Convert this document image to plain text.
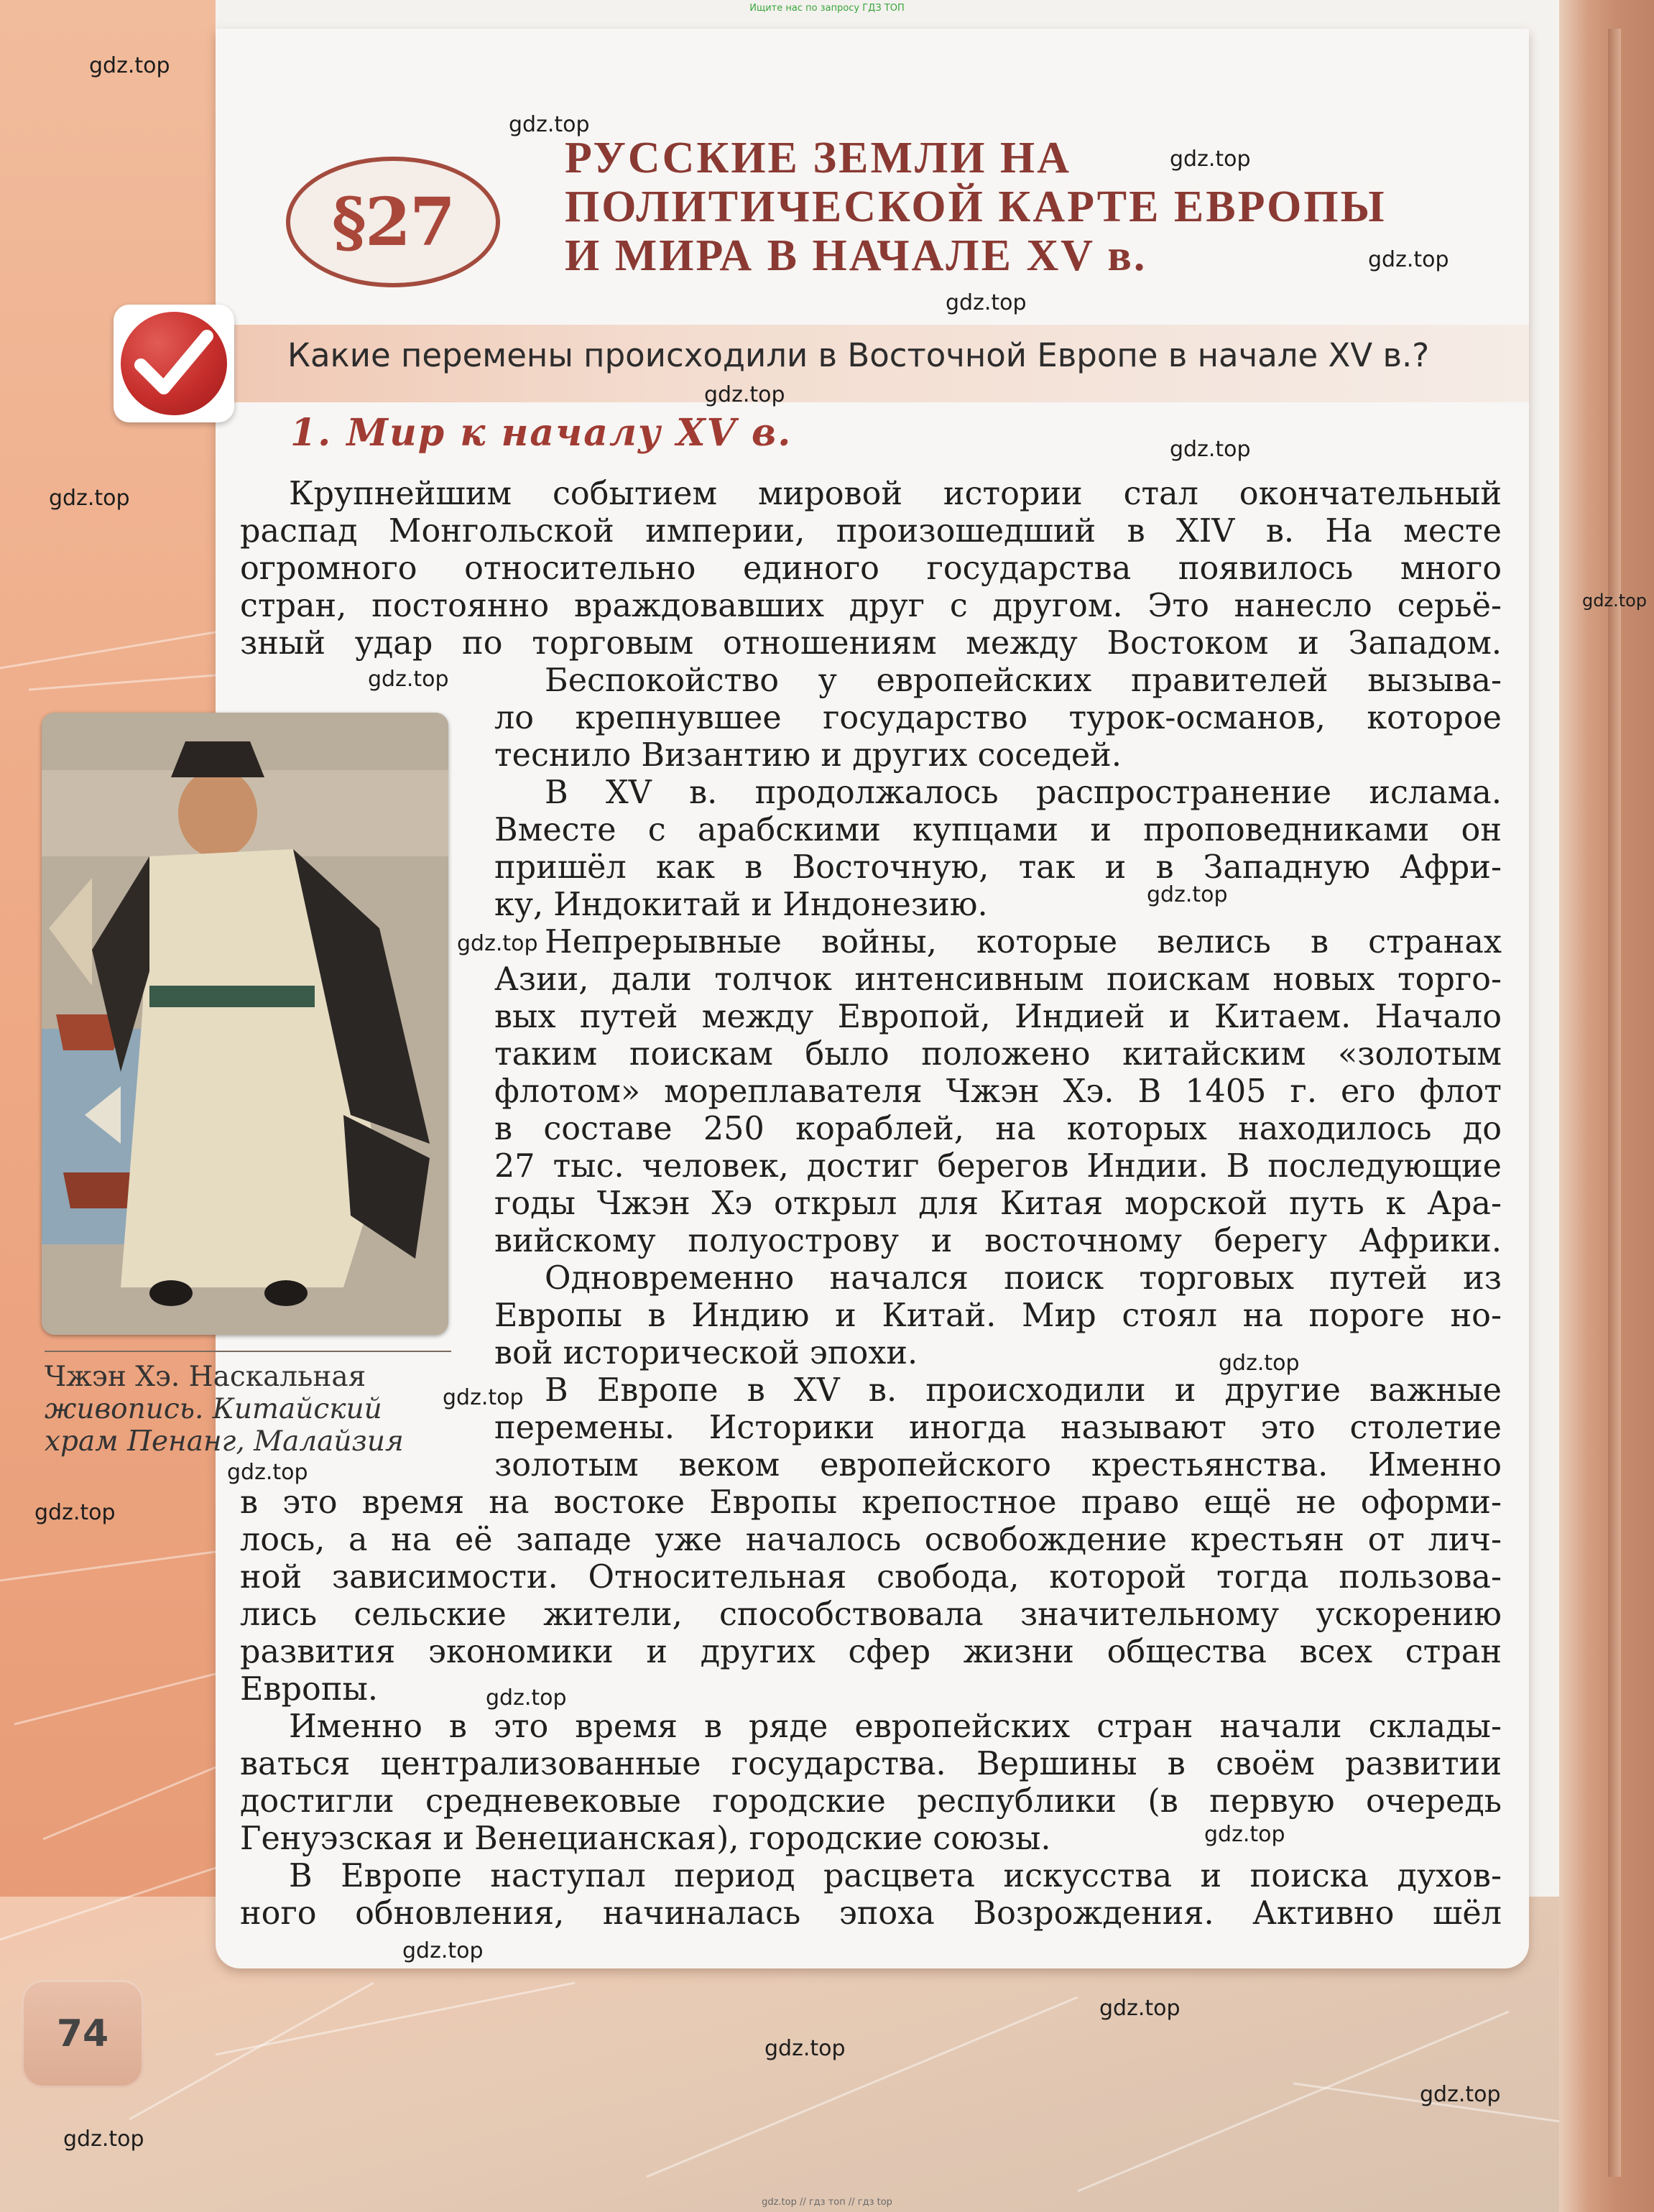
Ищите нас по запросу ГДЗ ТОП
§27
РУССКИЕ ЗЕМЛИ НА
ПОЛИТИЧЕСКОЙ КАРТЕ ЕВРОПЫ
И МИРА В НАЧАЛЕ XV в.
Какие перемены происходили в Восточной Европе в начале XV в.?
1. Мир к началу XV в.
Чжэн Хэ. Наскальная
живопись. Китайский
храм Пенанг, Малайзия
Крупнейшим событием мировой истории стал окончательный
распад Монгольской империи, произошедший в XIV в. На месте
огромного относительно единого государства появилось много
стран, постоянно враждовавших друг с другом. Это нанесло серьё-
зный удар по торговым отношениям между Востоком и Западом.
Беспокойство у европейских правителей вызыва-
ло крепнувшее государство турок-османов, которое
теснило Византию и других соседей.
В XV в. продолжалось распространение ислама.
Вместе с арабскими купцами и проповедниками он
пришёл как в Восточную, так и в Западную Афри-
ку, Индокитай и Индонезию.
Непрерывные войны, которые велись в странах
Азии, дали толчок интенсивным поискам новых торго-
вых путей между Европой, Индией и Китаем. Начало
таким поискам было положено китайским «золотым
флотом» мореплавателя Чжэн Хэ. В 1405 г. его флот
в составе 250 кораблей, на которых находилось до
27 тыс. человек, достиг берегов Индии. В последующие
годы Чжэн Хэ открыл для Китая морской путь к Ара-
вийскому полуострову и восточному берегу Африки.
Одновременно начался поиск торговых путей из
Европы в Индию и Китай. Мир стоял на пороге но-
вой исторической эпохи.
В Европе в XV в. происходили и другие важные
перемены. Историки иногда называют это столетие
золотым веком европейского крестьянства. Именно
в это время на востоке Европы крепостное право ещё не оформи-
лось, а на её западе уже началось освобождение крестьян от лич-
ной зависимости. Относительная свобода, которой тогда пользова-
лись сельские жители, способствовала значительному ускорению
развития экономики и других сфер жизни общества всех стран
Европы.
Именно в это время в ряде европейских стран начали склады-
ваться централизованные государства. Вершины в своём развитии
достигли средневековые городские республики (в первую очередь
Генуэзская и Венецианская), городские союзы.
В Европе наступал период расцвета искусства и поиска духов-
ного обновления, начиналась эпоха Возрождения. Активно шёл
74
gdz.top
gdz.top
gdz.top
gdz.top
gdz.top
gdz.top
gdz.top
gdz.top
gdz.top
gdz.top
gdz.top
gdz.top
gdz.top
gdz.top
gdz.top
gdz.top
gdz.top
gdz.top
gdz.top
gdz.top
gdz.top
gdz.top
gdz.top
gdz.top // гдз топ // гдз top
